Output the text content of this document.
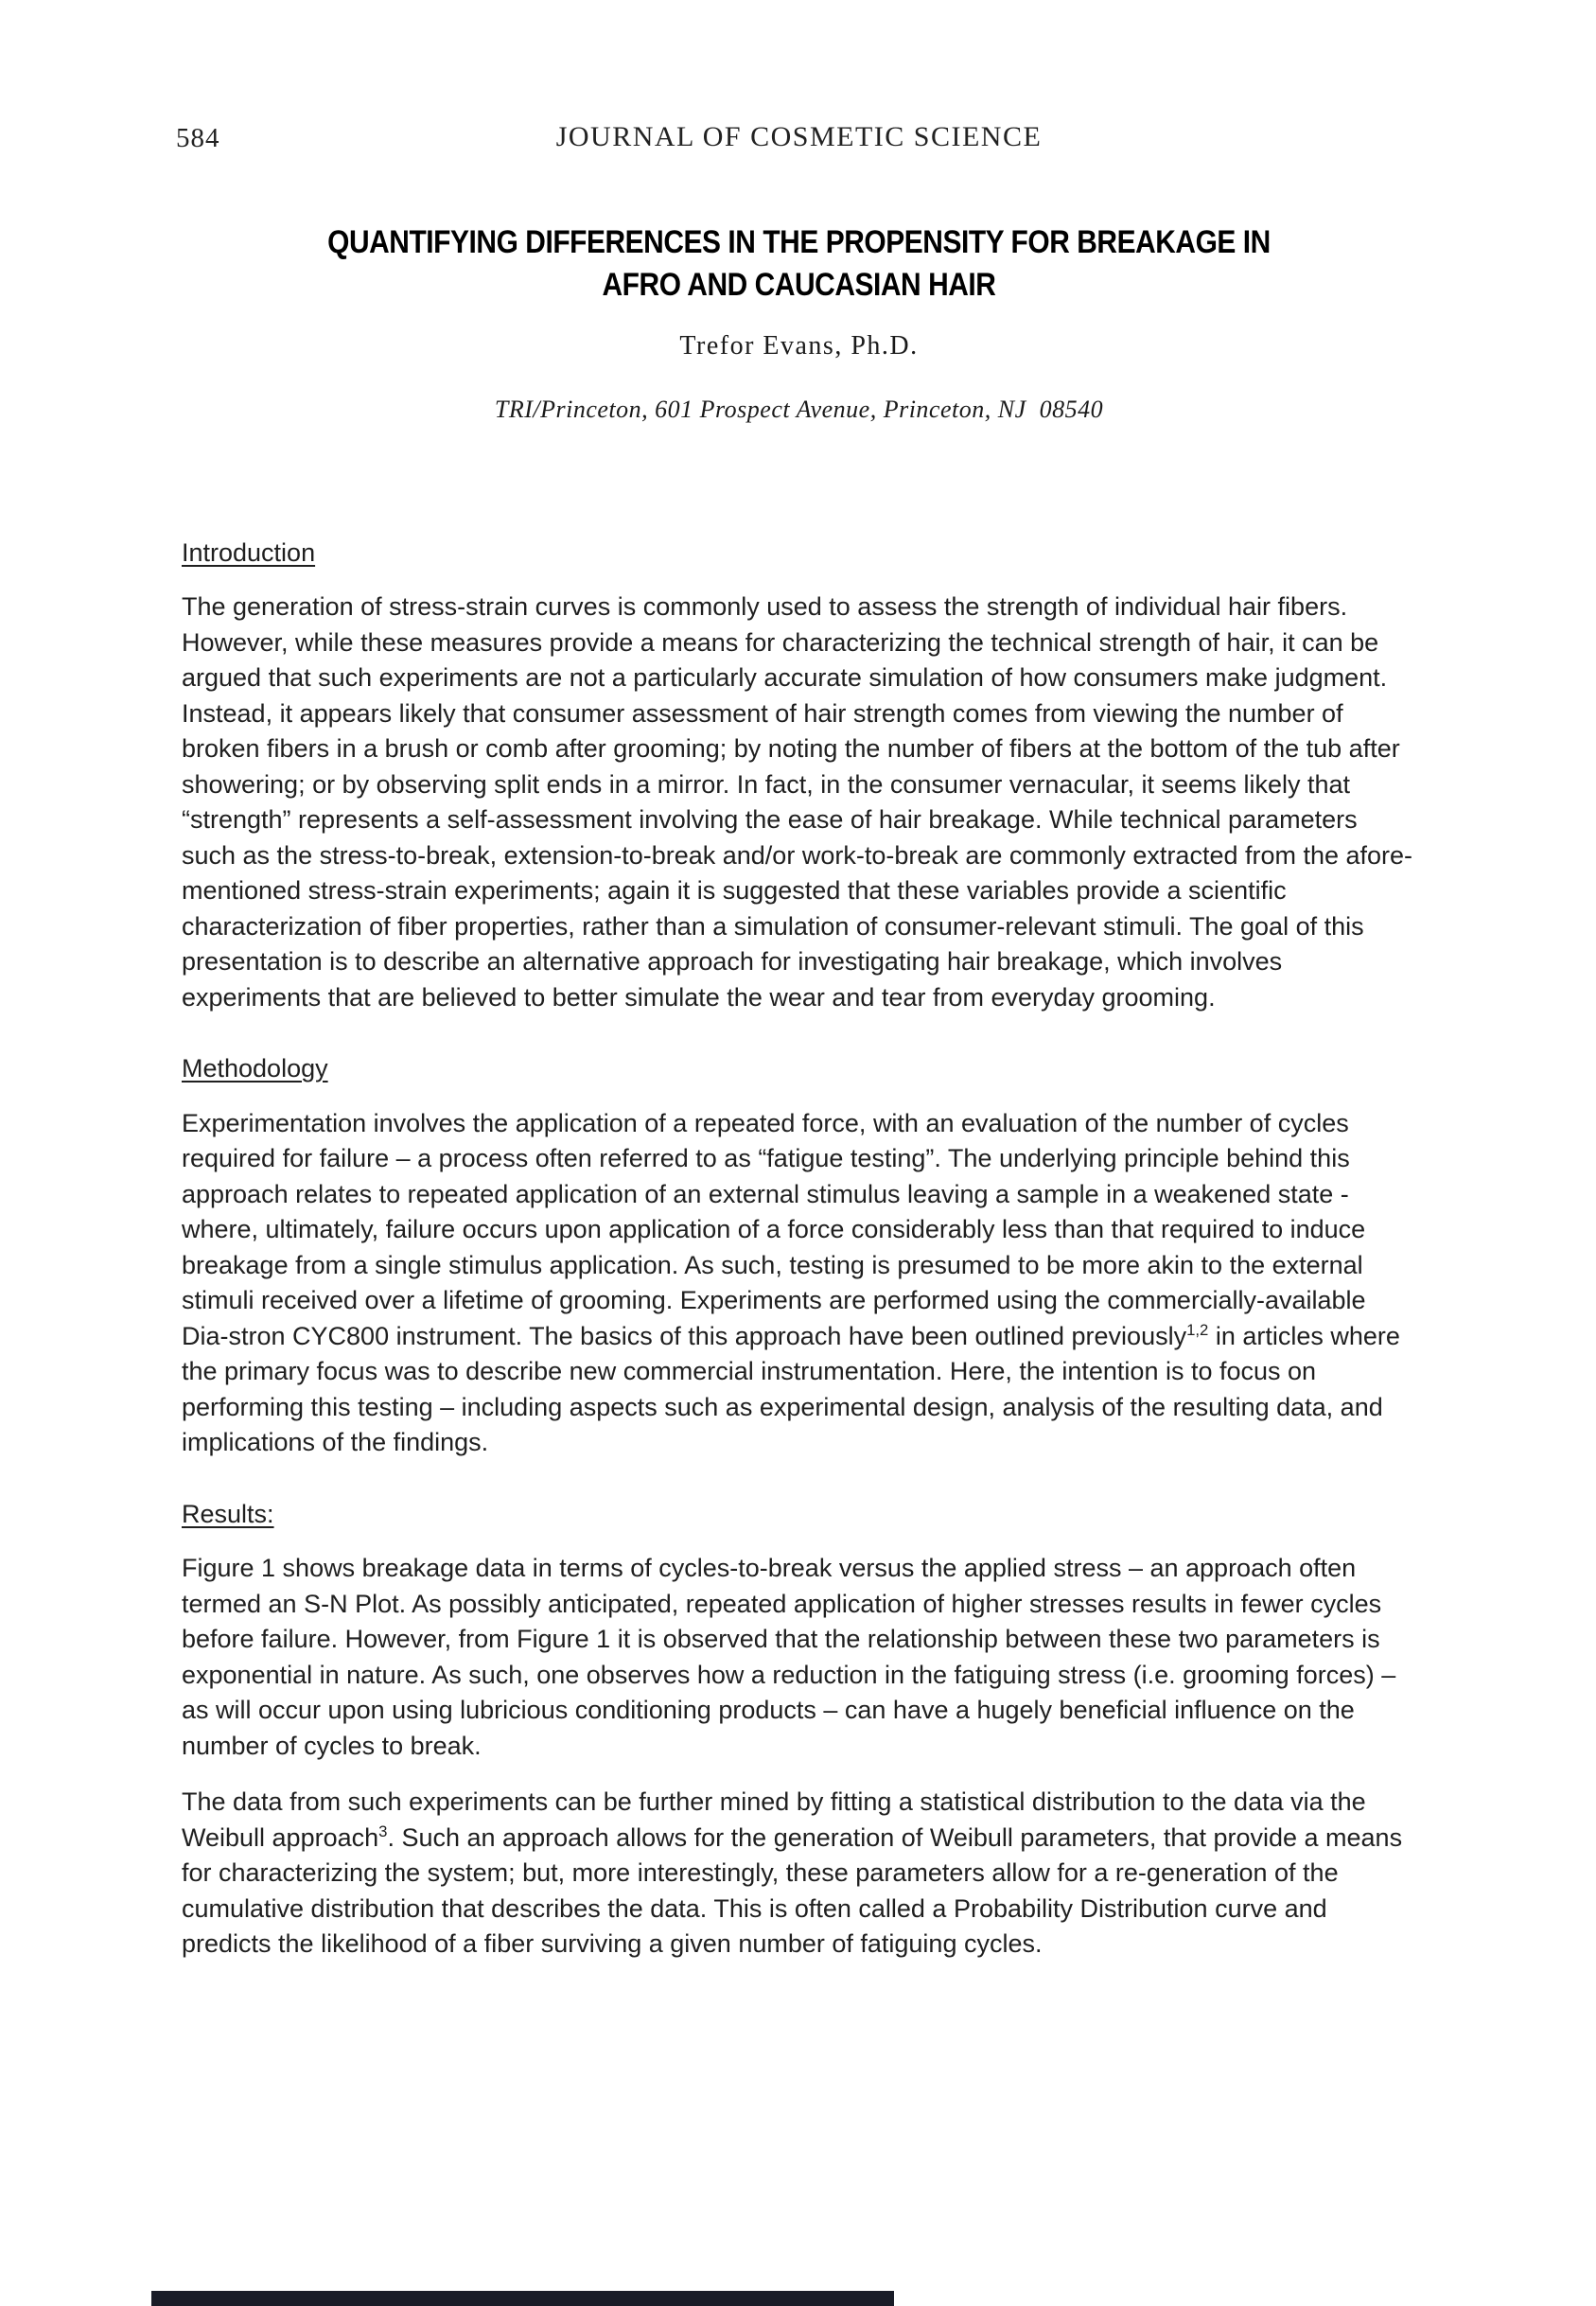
584	JOURNAL OF COSMETIC SCIENCE
QUANTIFYING DIFFERENCES IN THE PROPENSITY FOR BREAKAGE IN
AFRO AND CAUCASIAN HAIR
Trefor Evans, Ph.D.
TRI/Princeton, 601 Prospect Avenue, Princeton, NJ  08540
Introduction

The generation of stress-strain curves is commonly used to assess the strength of individual hair fibers. However, while these measures provide a means for characterizing the technical strength of hair, it can be argued that such experiments are not a particularly accurate simulation of how consumers make judgment. Instead, it appears likely that consumer assessment of hair strength comes from viewing the number of broken fibers in a brush or comb after grooming; by noting the number of fibers at the bottom of the tub after showering; or by observing split ends in a mirror. In fact, in the consumer vernacular, it seems likely that “strength” represents a self-assessment involving the ease of hair breakage. While technical parameters such as the stress-to-break, extension-to-break and/or work-to-break are commonly extracted from the afore-mentioned stress-strain experiments; again it is suggested that these variables provide a scientific characterization of fiber properties, rather than a simulation of consumer-relevant stimuli. The goal of this presentation is to describe an alternative approach for investigating hair breakage, which involves experiments that are believed to better simulate the wear and tear from everyday grooming.

Methodology

Experimentation involves the application of a repeated force, with an evaluation of the number of cycles required for failure – a process often referred to as “fatigue testing”. The underlying principle behind this approach relates to repeated application of an external stimulus leaving a sample in a weakened state - where, ultimately, failure occurs upon application of a force considerably less than that required to induce breakage from a single stimulus application. As such, testing is presumed to be more akin to the external stimuli received over a lifetime of grooming. Experiments are performed using the commercially-available Dia-stron CYC800 instrument. The basics of this approach have been outlined previously$^{1,2}$ in articles where the primary focus was to describe new commercial instrumentation. Here, the intention is to focus on performing this testing – including aspects such as experimental design, analysis of the resulting data, and implications of the findings.

Results:

Figure 1 shows breakage data in terms of cycles-to-break versus the applied stress – an approach often termed an S-N Plot. As possibly anticipated, repeated application of higher stresses results in fewer cycles before failure. However, from Figure 1 it is observed that the relationship between these two parameters is exponential in nature. As such, one observes how a reduction in the fatiguing stress (i.e. grooming forces) – as will occur upon using lubricious conditioning products – can have a hugely beneficial influence on the number of cycles to break.

The data from such experiments can be further mined by fitting a statistical distribution to the data via the Weibull approach$^3$. Such an approach allows for the generation of Weibull parameters, that provide a means for characterizing the system; but, more interestingly, these parameters allow for a re-generation of the cumulative distribution that describes the data. This is often called a Probability Distribution curve and predicts the likelihood of a fiber surviving a given number of fatiguing cycles.
